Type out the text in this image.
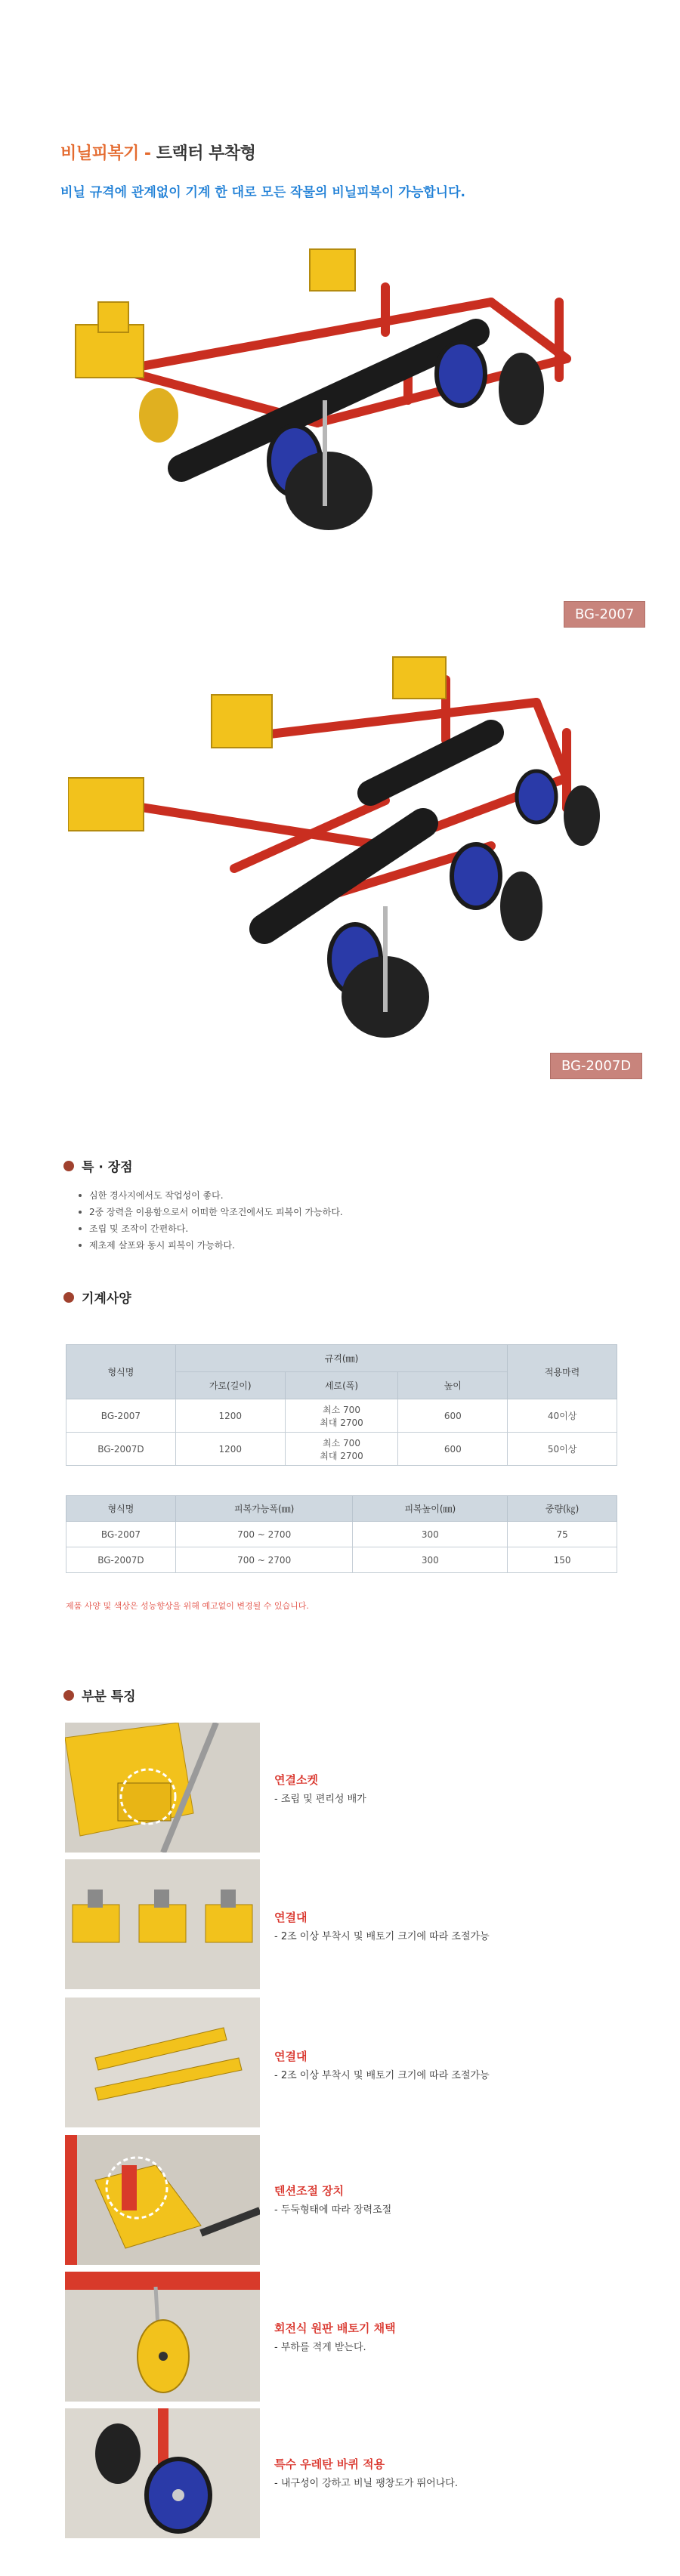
비닐피복기 - 트랙터 부착형
비닐 규격에 관계없이 기계 한 대로 모든 작물의 비닐피복이 가능합니다.
BG-2007
BG-2007D
특 · 장점
심한 경사지에서도 작업성이 좋다.
2중 장력을 이용함으로서 어떠한 악조건에서도 피복이 가능하다.
조립 및 조작이 간편하다.
제초제 살포와 동시 피복이 가능하다.
기계사양
형식명	규격(㎜)			적용마력
	가로(길이)	세로(폭)	높이	
BG-2007	1200	최소 700
최대 2700	600	40이상
BG-2007D	1200	최소 700
최대 2700	600	50이상
형식명	피복가능폭(㎜)	피복높이(㎜)	중량(㎏)
BG-2007	700 ~ 2700	300	75
BG-2007D	700 ~ 2700	300	150
제품 사양 및 색상은 성능향상을 위해 예고없이 변경될 수 있습니다.
부분 특징
연결소켓
- 조립 및 편리성 배가
연결대
- 2조 이상 부착시 및 배토기 크기에 따라 조절가능
연결대
- 2조 이상 부착시 및 배토기 크기에 따라 조절가능
텐션조절 장치
- 두둑형태에 따라 장력조절
회전식 원판 배토기 채택
- 부하를 적게 받는다.
특수 우레탄 바퀴 적용
- 내구성이 강하고 비닐 팽창도가 뛰어나다.
